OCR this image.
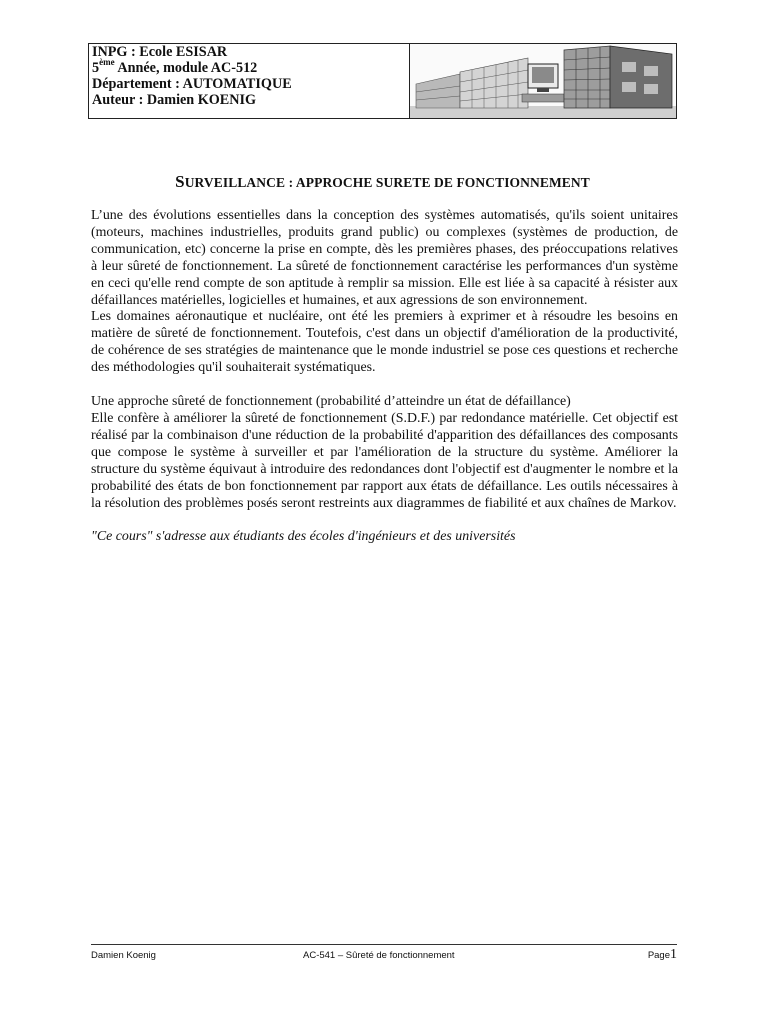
INPG : Ecole ESISAR
5ème Année, module AC-512
Département : AUTOMATIQUE
Auteur : Damien KOENIG
SURVEILLANCE : APPROCHE SURETE DE FONCTIONNEMENT

L’une des évolutions essentielles dans la conception des systèmes automatisés, qu'ils soient unitaires (moteurs, machines industrielles, produits grand public) ou complexes (systèmes de production, de communication, etc) concerne la prise en compte, dès les premières phases, des préoccupations relatives à leur sûreté de fonctionnement. La sûreté de fonctionnement caractérise les performances d'un système en ceci qu'elle rend compte de son aptitude à remplir sa mission. Elle est liée à sa capacité à résister aux défaillances matérielles, logicielles et humaines, et aux agressions de son environnement.

Les domaines aéronautique et nucléaire, ont été les premiers à exprimer et à résoudre les besoins en matière de sûreté de fonctionnement. Toutefois, c'est dans un objectif d'amélioration de la productivité, de cohérence de ses stratégies de maintenance que le monde industriel se pose ces questions et recherche des méthodologies qu'il souhaiterait systématiques.

Une approche sûreté de fonctionnement (probabilité d’atteindre un état de défaillance)

Elle confère à améliorer la sûreté de fonctionnement (S.D.F.) par redondance matérielle. Cet objectif est réalisé par la combinaison d'une réduction de la probabilité d'apparition des défaillances des composants que compose le système à surveiller et par l'amélioration de la structure du système. Améliorer la structure du système équivaut à introduire des redondances dont l'objectif est d'augmenter le nombre et la probabilité des états de bon fonctionnement par rapport aux états de défaillance. Les outils nécessaires à la résolution des problèmes posés seront restreints aux diagrammes de fiabilité et aux chaînes de Markov.

"Ce cours" s'adresse aux étudiants des écoles d'ingénieurs et des universités

Damien Koenig	AC-541 – Sûreté de fonctionnement	Page1
